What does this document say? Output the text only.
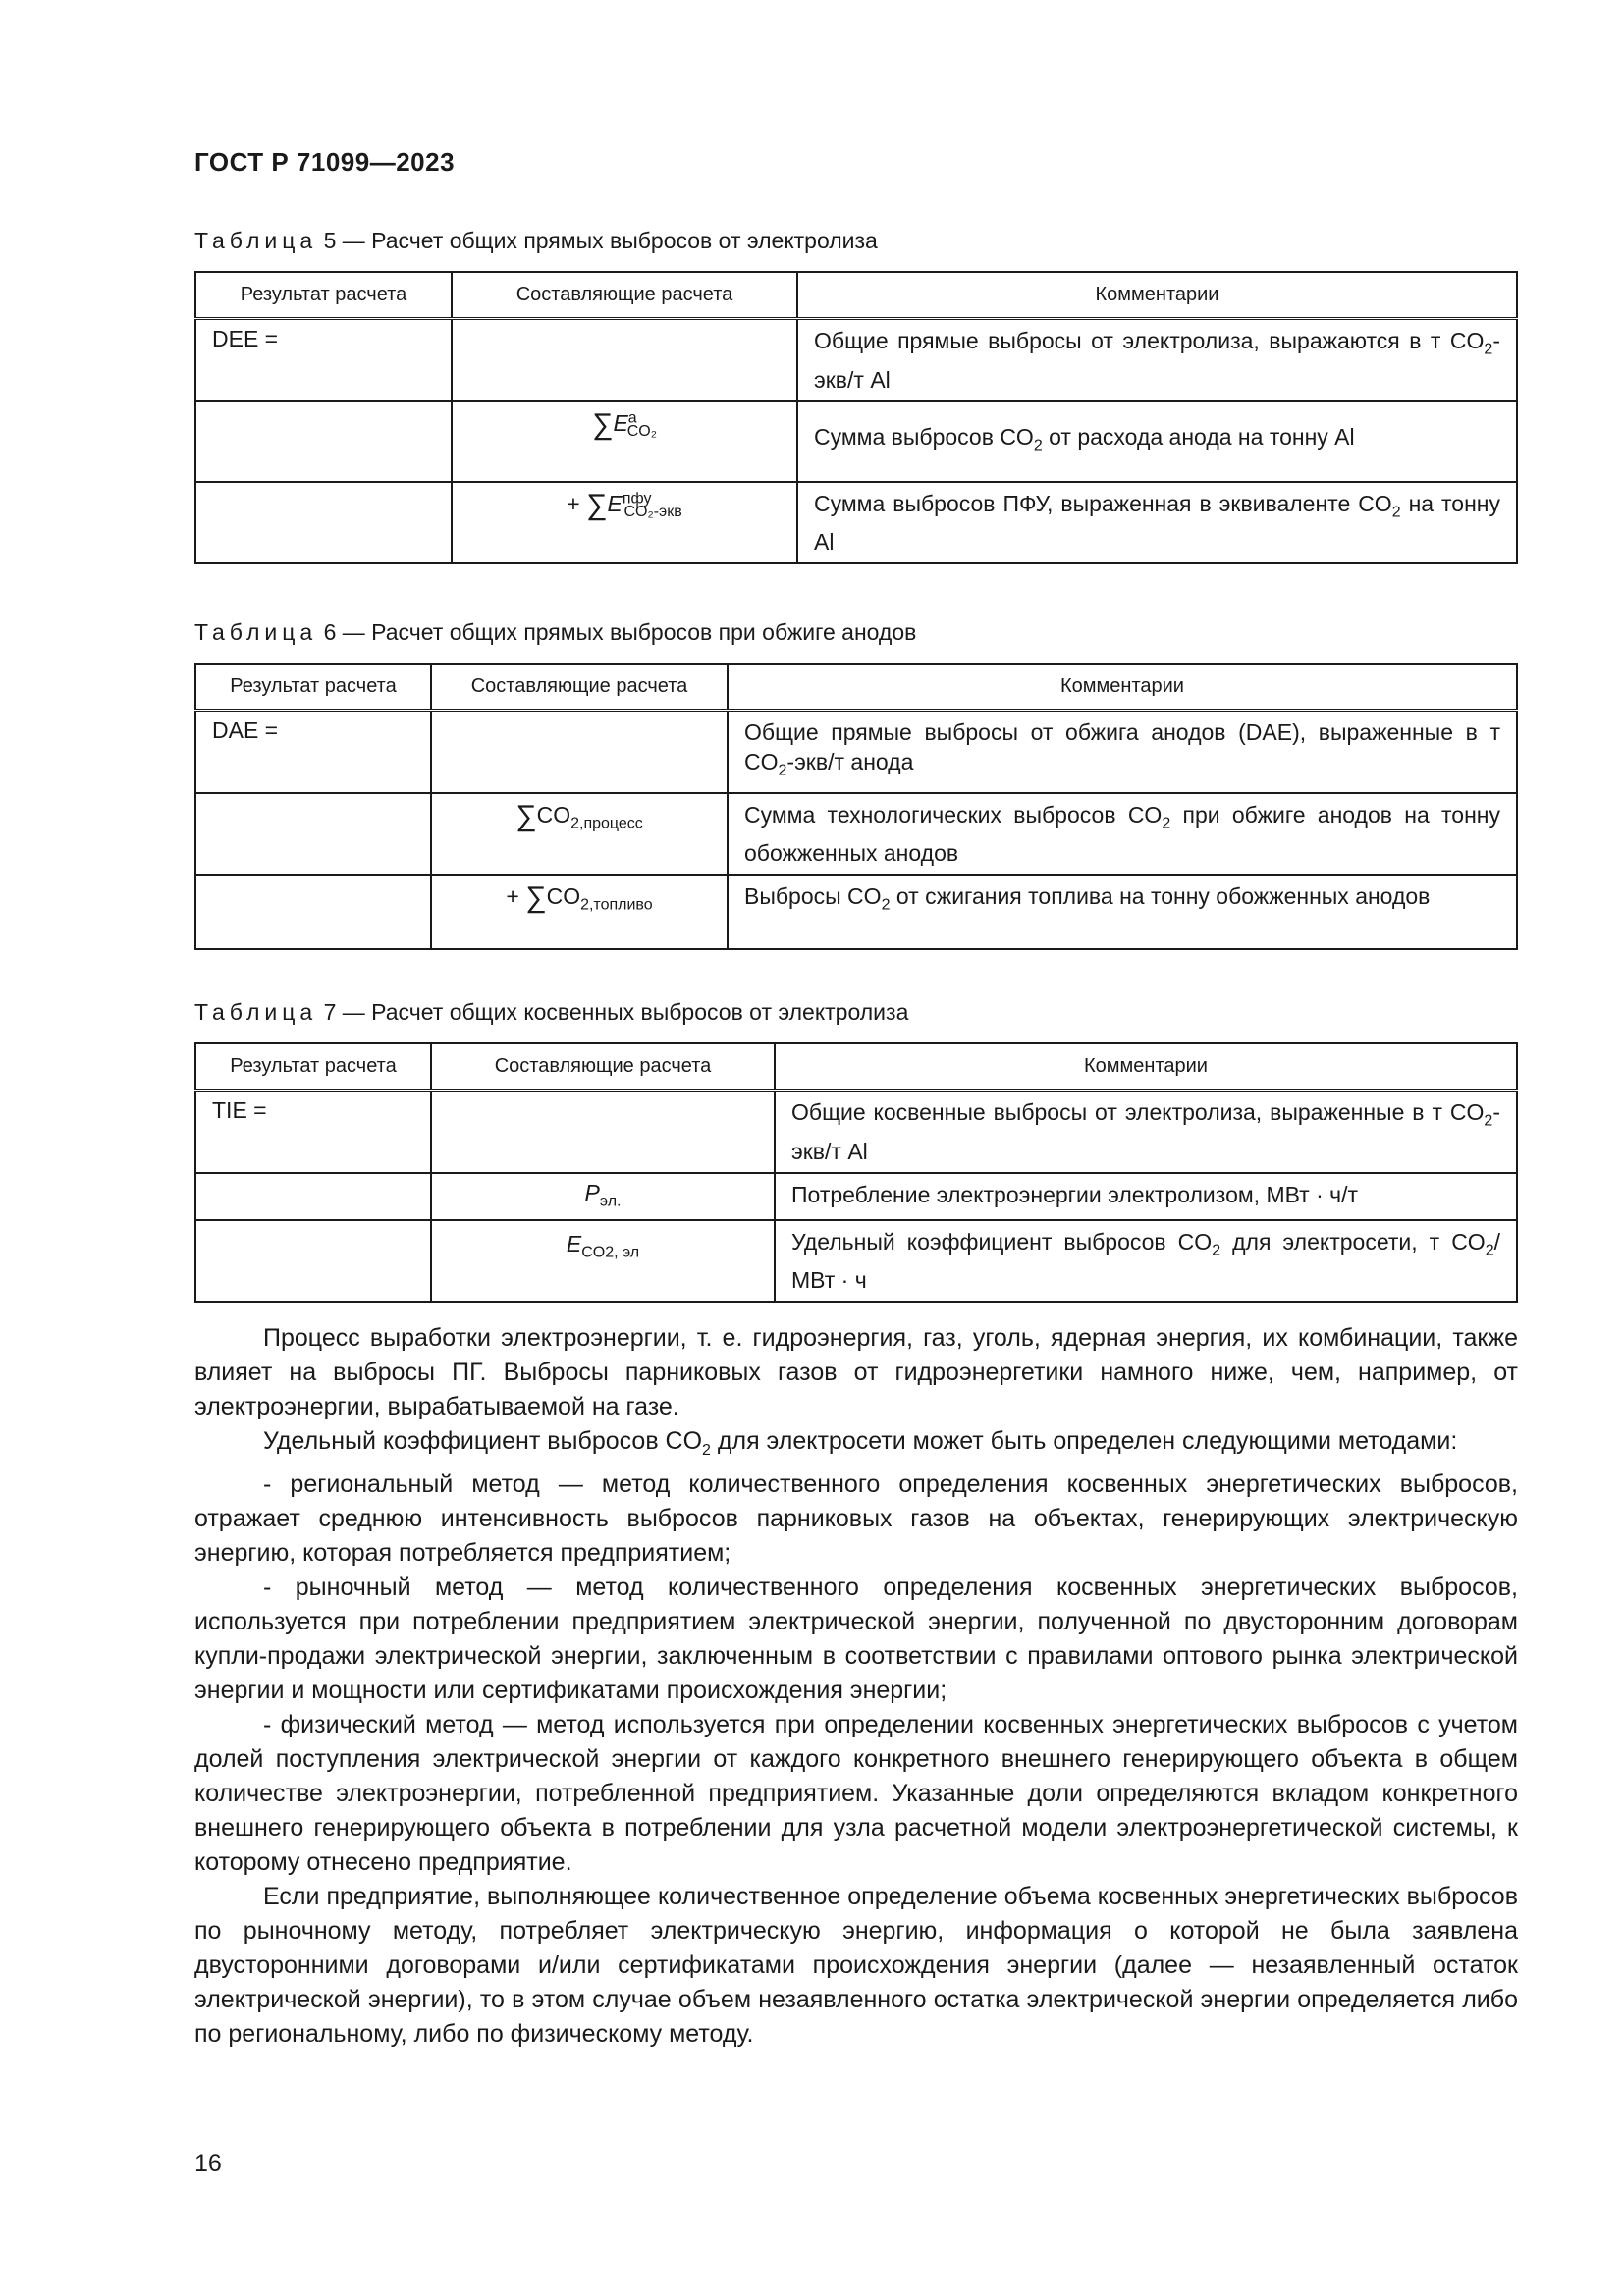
ГОСТ Р 71099—2023
Таблица 5 — Расчет общих прямых выбросов от электролиза
Результат расчета	Составляющие расчета	Комментарии
DEE =		Общие прямые выбросы от электролиза, выражаются в т $CO_2-экв/т$ Al
	$\sum E^а_{CO_2}$	Сумма выбросов $CO_2$ от расхода анода на тонну Al
	+ $\sum E^{пфу}_{CO_2-экв}$	Сумма выбросов ПФУ, выраженная в эквиваленте $CO_2$ на тонну Al
Таблица 6 — Расчет общих прямых выбросов при обжиге анодов
Результат расчета	Составляющие расчета	Комментарии
DAE =		Общие прямые выбросы от обжига анодов (DAE), выраженные в т $CO_2-экв/т$ анода
	$\sum CO_{2,процесс}$	Сумма технологических выбросов $CO_2$ при обжиге анодов на тонну обожженных анодов
	+ $\sum CO_{2,топливо}$	Выбросы $CO_2$ от сжигания топлива на тонну обожженных анодов
Таблица 7 — Расчет общих косвенных выбросов от электролиза
Результат расчета	Составляющие расчета	Комментарии
TIE =		Общие косвенные выбросы от электролиза, выраженные в т $CO_2-экв/т$ Al
	$P_{эл.}$	Потребление электроэнергии электролизом, МВт · ч/т
	$E_{CO2, эл}$	Удельный коэффициент выбросов $CO_2$ для электросети, т $CO_2$/МВт · ч

Процесс выработки электроэнергии, т. е. гидроэнергия, газ, уголь, ядерная энергия, их комбинации, также влияет на выбросы ПГ. Выбросы парниковых газов от гидроэнергетики намного ниже, чем, например, от электроэнергии, вырабатываемой на газе.

Удельный коэффициент выбросов $CO_2$ для электросети может быть определен следующими методами:

- региональный метод — метод количественного определения косвенных энергетических выбросов, отражает среднюю интенсивность выбросов парниковых газов на объектах, генерирующих электрическую энергию, которая потребляется предприятием;

- рыночный метод — метод количественного определения косвенных энергетических выбросов, используется при потреблении предприятием электрической энергии, полученной по двусторонним договорам купли-продажи электрической энергии, заключенным в соответствии с правилами оптового рынка электрической энергии и мощности или сертификатами происхождения энергии;

- физический метод — метод используется при определении косвенных энергетических выбросов с учетом долей поступления электрической энергии от каждого конкретного внешнего генерирующего объекта в общем количестве электроэнергии, потребленной предприятием. Указанные доли определяются вкладом конкретного внешнего генерирующего объекта в потреблении для узла расчетной модели электроэнергетической системы, к которому отнесено предприятие.

Если предприятие, выполняющее количественное определение объема косвенных энергетических выбросов по рыночному методу, потребляет электрическую энергию, информация о которой не была заявлена двусторонними договорами и/или сертификатами происхождения энергии (далее — незаявленный остаток электрической энергии), то в этом случае объем незаявленного остатка электрической энергии определяется либо по региональному, либо по физическому методу.

16
